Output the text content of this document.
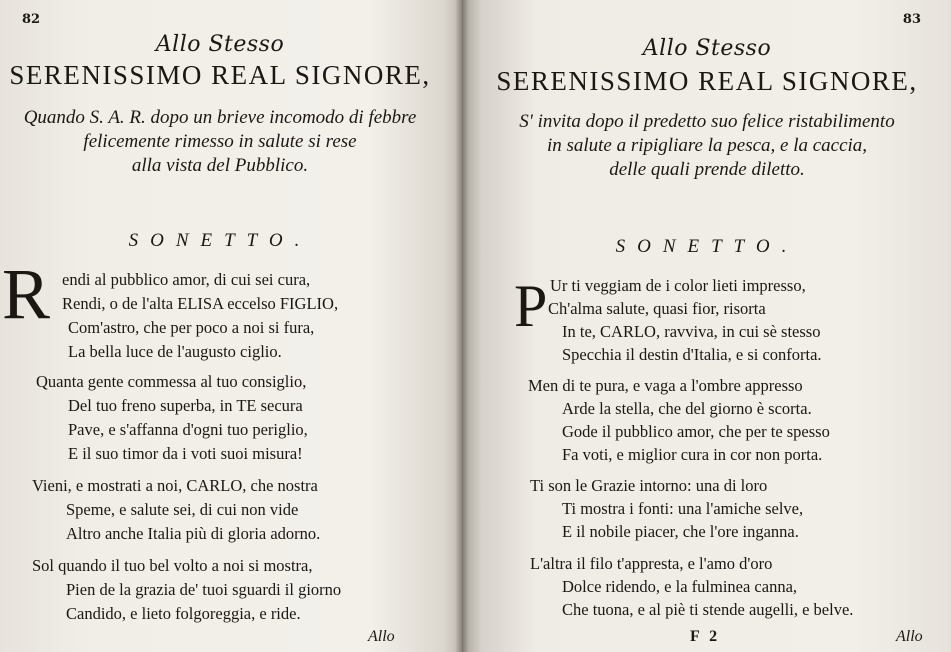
82
Allo Stesso
SERENISSIMO REAL SIGNORE,
Quando S. A. R. dopo un brieve incomodo di febbre
felicemente rimesso in salute si rese
alla vista del Pubblico.
SONETTO.
R endi al pubblico amor, di cui sei cura,
Rendi, o de l'alta ELISA eccelso FIGLIO,
Com'astro, che per poco a noi si fura,
La bella luce de l'augusto ciglio.
Quanta gente commessa al tuo consiglio,
Del tuo freno superba, in TE secura
Pave, e s'affanna d'ogni tuo periglio,
E il suo timor da i voti suoi misura!
Vieni, e mostrati a noi, CARLO, che nostra
Speme, e salute sei, di cui non vide
Altro anche Italia più di gloria adorno.
Sol quando il tuo bel volto a noi si mostra,
Pien de la grazia de' tuoi sguardi il giorno
Candido, e lieto folgoreggia, e ride.
Allo
83
Allo Stesso
SERENISSIMO REAL SIGNORE,
S' invita dopo il predetto suo felice ristabilimento
in salute a ripigliare la pesca, e la caccia,
delle quali prende diletto.
SONETTO.
P Ur ti veggiam de i color lieti impresso,
Ch'alma salute, quasi fior, risorta
In te, CARLO, ravviva, in cui sè stesso
Specchia il destin d'Italia, e si conforta.
Men di te pura, e vaga a l'ombre appresso
Arde la stella, che del giorno è scorta.
Gode il pubblico amor, che per te spesso
Fa voti, e miglior cura in cor non porta.
Ti son le Grazie intorno: una di loro
Ti mostra i fonti: una l'amiche selve,
E il nobile piacer, che l'ore inganna.
L'altra il filo t'appresta, e l'amo d'oro
Dolce ridendo, e la fulminea canna,
Che tuona, e al piè ti stende augelli, e belve.
F 2	Allo
